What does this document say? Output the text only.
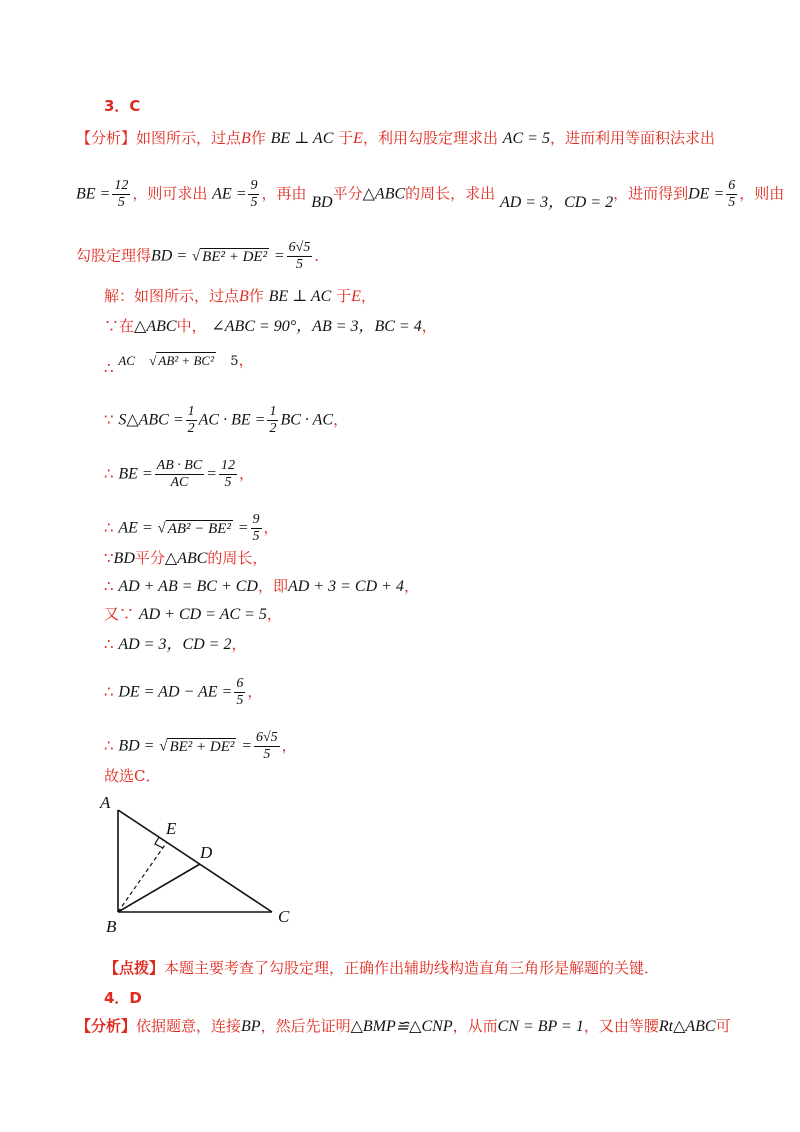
3．C
【分析】如图所示，过点B作 BE ⊥ AC 于E，利用勾股定理求出 AC = 5，进而利用等面积法求出
BE = $\frac{12}{5}$ ，则可求出 AE = $\frac{9}{5}$ ，再由 BD平分△ABC的周长，求出 AD = 3，CD = 2，进而得到DE = $\frac{6}{5}$ ，则由
勾股定理得BD = √ $BE^2 + DE^2 = \frac{6√5}{5}$ ．
解：如图所示，过点B作 BE ⊥ AC 于E，
∵在△ABC中， ∠ABC = 90°，AB = 3，BC = 4，
∴ AC √ AB² + BC² 5，
∵ S△ABC = $\frac{1}{2}$ AC · BE = $\frac{1}{2}$ BC · AC，
∴ BE = $\frac{AB \cdot BC}{AC} = \frac{12}{5}$ ，
∴ AE = √ $AB^2 - BE^2 = \frac{9}{5}$ ，
∵BD平分△ABC的周长，
∴ AD + AB = BC + CD，即AD + 3 = CD + 4，
又∵ AD + CD = AC = 5，
∴ AD = 3，CD = 2，
∴ DE = AD − AE = $\frac{6}{5}$ ，
∴ BD = √ $BE^2 + DE^2 = \frac{6√5}{5}$ ，
故选C．
A
B
C
D
E
【点拨】本题主要考查了勾股定理，正确作出辅助线构造直角三角形是解题的关键．
4．D
【分析】依据题意，连接BP，然后先证明△BMP≌△CNP，从而CN = BP = 1，又由等腰Rt△ABC可
